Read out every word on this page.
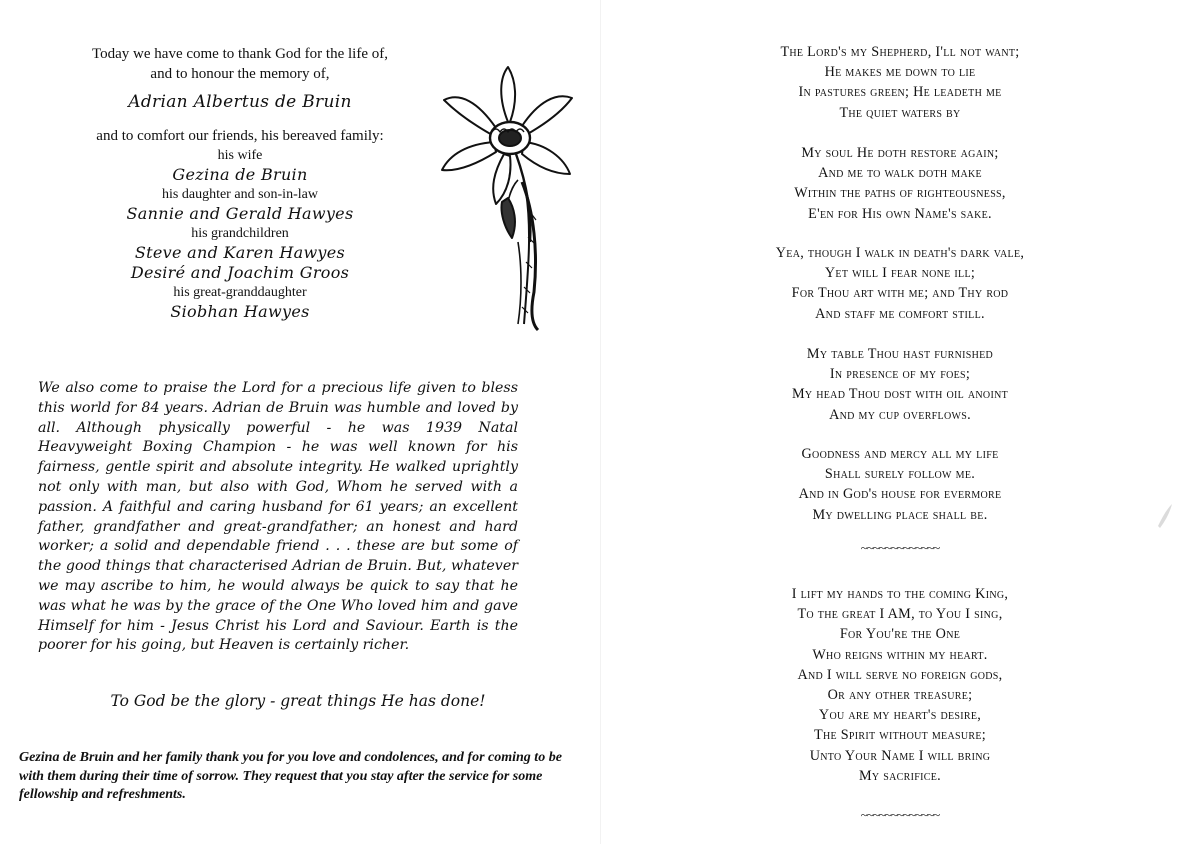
Today we have come to thank God for the life of,
and to honour the memory of,
Adrian Albertus de Bruin
and to comfort our friends, his bereaved family:
his wife
Gezina de Bruin
his daughter and son-in-law
Sannie and Gerald Hawyes
his grandchildren
Steve and Karen Hawyes
Desiré and Joachim Groos
his great-granddaughter
Siobhan Hawyes
We also come to praise the Lord for a precious life given to bless this world for 84 years. Adrian de Bruin was humble and loved by all. Although physically powerful - he was 1939 Natal Heavyweight Boxing Champion - he was well known for his fairness, gentle spirit and absolute integrity. He walked uprightly not only with man, but also with God, Whom he served with a passion. A faithful and caring husband for 61 years; an excellent father, grandfather and great-grandfather; an honest and hard worker; a solid and dependable friend . . . these are but some of the good things that characterised Adrian de Bruin. But, whatever we may ascribe to him, he would always be quick to say that he was what he was by the grace of the One Who loved him and gave Himself for him - Jesus Christ his Lord and Saviour. Earth is the poorer for his going, but Heaven is certainly richer.
To God be the glory - great things He has done!
Gezina de Bruin and her family thank you for you love and condolences, and for coming to be with them during their time of sorrow. They request that you stay after the service for some fellowship and refreshments.
The Lord's my Shepherd, I'll not want;
He makes me down to lie
In pastures green; He leadeth me
The quiet waters by
My soul He doth restore again;
And me to walk doth make
Within the paths of righteousness,
E'en for His own Name's sake.
Yea, though I walk in death's dark vale,
Yet will I fear none ill;
For Thou art with me; and Thy rod
And staff me comfort still.
My table Thou hast furnished
In presence of my foes;
My head Thou dost with oil anoint
And my cup overflows.
Goodness and mercy all my life
Shall surely follow me.
And in God's house for evermore
My dwelling place shall be.
~~~~~~~~~~~~~
I lift my hands to the coming King,
To the great I AM, to You I sing,
For You're the One
Who reigns within my heart.
And I will serve no foreign gods,
Or any other treasure;
You are my heart's desire,
The Spirit without measure;
Unto Your Name I will bring
My sacrifice.
~~~~~~~~~~~~~
